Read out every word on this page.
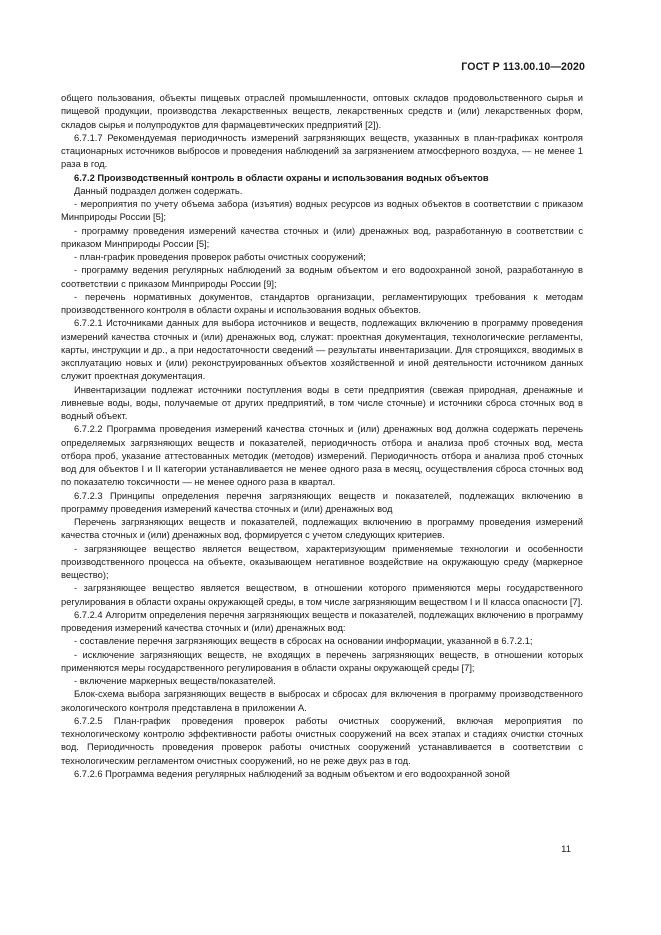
ГОСТ Р 113.00.10—2020

общего пользования, объекты пищевых отраслей промышленности, оптовых складов продовольственного сырья и пищевой продукции, производства лекарственных веществ, лекарственных средств и (или) лекарственных форм, складов сырья и полупродуктов для фармацевтических предприятий [2]).

6.7.1.7 Рекомендуемая периодичность измерений загрязняющих веществ, указанных в план-графиках контроля стационарных источников выбросов и проведения наблюдений за загрязнением атмосферного воздуха, — не менее 1 раза в год.

6.7.2 Производственный контроль в области охраны и использования водных объектов

Данный подраздел должен содержать.

- мероприятия по учету объема забора (изъятия) водных ресурсов из водных объектов в соответствии с приказом Минприроды России [5];

- программу проведения измерений качества сточных и (или) дренажных вод, разработанную в соответствии с приказом Минприроды России [5];

- план-график проведения проверок работы очистных сооружений;

- программу ведения регулярных наблюдений за водным объектом и его водоохранной зоной, разработанную в соответствии с приказом Минприроды России [9];

- перечень нормативных документов, стандартов организации, регламентирующих требования к методам производственного контроля в области охраны и использования водных объектов.

6.7.2.1 Источниками данных для выбора источников и веществ, подлежащих включению в программу проведения измерений качества сточных и (или) дренажных вод, служат: проектная документация, технологические регламенты, карты, инструкции и др., а при недостаточности сведений — результаты инвентаризации. Для строящихся, вводимых в эксплуатацию новых и (или) реконструированных объектов хозяйственной и иной деятельности источником данных служит проектная документация.

Инвентаризации подлежат источники поступления воды в сети предприятия (свежая природная, дренажные и ливневые воды, воды, получаемые от других предприятий, в том числе сточные) и источники сброса сточных вод в водный объект.

6.7.2.2 Программа проведения измерений качества сточных и (или) дренажных вод должна содержать перечень определяемых загрязняющих веществ и показателей, периодичность отбора и анализа проб сточных вод, места отбора проб, указание аттестованных методик (методов) измерений. Периодичность отбора и анализа проб сточных вод для объектов I и II категории устанавливается не менее одного раза в месяц, осуществления сброса сточных вод по показателю токсичности — не менее одного раза в квартал.

6.7.2.3 Принципы определения перечня загрязняющих веществ и показателей, подлежащих включению в программу проведения измерений качества сточных и (или) дренажных вод

Перечень загрязняющих веществ и показателей, подлежащих включению в программу проведения измерений качества сточных и (или) дренажных вод, формируется с учетом следующих критериев.

- загрязняющее вещество является веществом, характеризующим применяемые технологии и особенности производственного процесса на объекте, оказывающем негативное воздействие на окружающую среду (маркерное вещество);

- загрязняющее вещество является веществом, в отношении которого применяются меры государственного регулирования в области охраны окружающей среды, в том числе загрязняющим веществом I и II класса опасности [7].

6.7.2.4 Алгоритм определения перечня загрязняющих веществ и показателей, подлежащих включению в программу проведения измерений качества сточных и (или) дренажных вод:

- составление перечня загрязняющих веществ в сбросах на основании информации, указанной в 6.7.2.1;

- исключение загрязняющих веществ, не входящих в перечень загрязняющих веществ, в отношении которых применяются меры государственного регулирования в области охраны окружающей среды [7];

- включение маркерных веществ/показателей.

Блок-схема выбора загрязняющих веществ в выбросах и сбросах для включения в программу производственного экологического контроля представлена в приложении А.

6.7.2.5 План-график проведения проверок работы очистных сооружений, включая мероприятия по технологическому контролю эффективности работы очистных сооружений на всех этапах и стадиях очистки сточных вод. Периодичность проведения проверок работы очистных сооружений устанавливается в соответствии с технологическим регламентом очистных сооружений, но не реже двух раз в год.

6.7.2.6 Программа ведения регулярных наблюдений за водным объектом и его водоохранной зоной

11
